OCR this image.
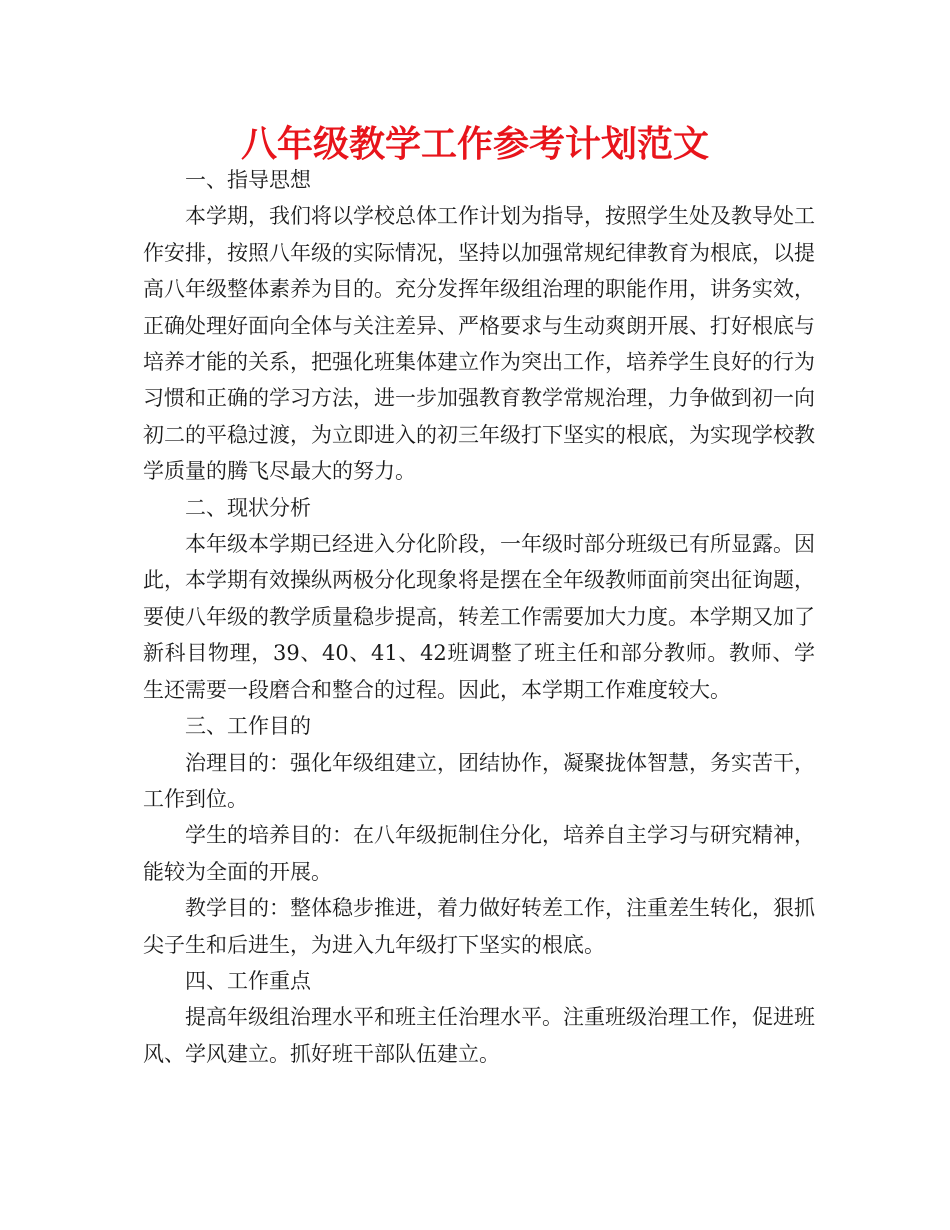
八年级教学工作参考计划范文

一、指导思想

本学期，我们将以学校总体工作计划为指导，按照学生处及教导处工作安排，按照八年级的实际情况，坚持以加强常规纪律教育为根底，以提高八年级整体素养为目的。充分发挥年级组治理的职能作用，讲务实效，正确处理好面向全体与关注差异、严格要求与生动爽朗开展、打好根底与培养才能的关系，把强化班集体建立作为突出工作，培养学生良好的行为习惯和正确的学习方法，进一步加强教育教学常规治理，力争做到初一向初二的平稳过渡，为立即进入的初三年级打下坚实的根底，为实现学校教学质量的腾飞尽最大的努力。

二、现状分析

本年级本学期已经进入分化阶段，一年级时部分班级已有所显露。因此，本学期有效操纵两极分化现象将是摆在全年级教师面前突出征询题，要使八年级的教学质量稳步提高，转差工作需要加大力度。本学期又加了新科目物理，39、40、41、42班调整了班主任和部分教师。教师、学生还需要一段磨合和整合的过程。因此，本学期工作难度较大。

三、工作目的

治理目的：强化年级组建立，团结协作，凝聚拢体智慧，务实苦干，工作到位。

学生的培养目的：在八年级扼制住分化，培养自主学习与研究精神，能较为全面的开展。

教学目的：整体稳步推进，着力做好转差工作，注重差生转化，狠抓尖子生和后进生，为进入九年级打下坚实的根底。

四、工作重点

提高年级组治理水平和班主任治理水平。注重班级治理工作，促进班风、学风建立。抓好班干部队伍建立。
